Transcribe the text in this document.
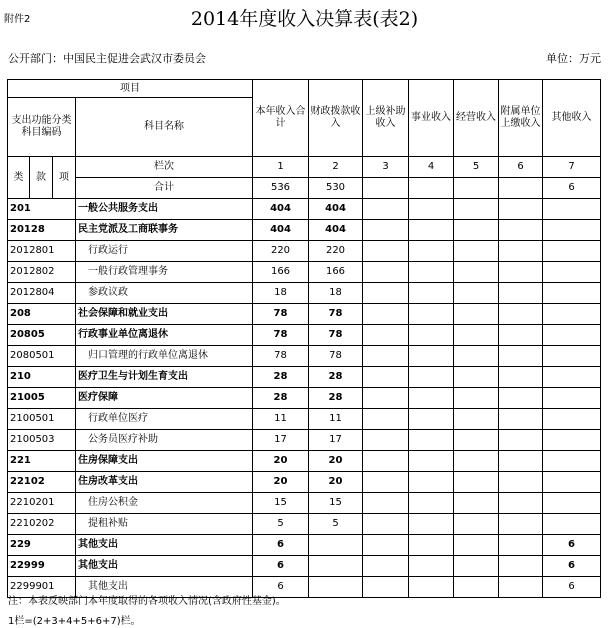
附件2	2014年度收入决算表(表2)
公开部门：中国民主促进会武汉市委员会	单位：万元
项目				本年收入合计	财政拨款收入	上级补助收入	事业收入	经营收入	附属单位上缴收入	其他收入
支出功能分类科目编码			科目名称							

类	款	项	栏次	1	2	3	4	5	6	7
			合计	536	530					6
201			一般公共服务支出	404	404					
20128			民主党派及工商联事务	404	404					
2012801			行政运行	220	220					
2012802			一般行政管理事务	166	166					
2012804			参政议政	18	18					
208			社会保障和就业支出	78	78					
20805			行政事业单位离退休	78	78					
2080501			归口管理的行政单位离退休	78	78					
210			医疗卫生与计划生育支出	28	28					
21005			医疗保障	28	28					
2100501			行政单位医疗	11	11					
2100503			公务员医疗补助	17	17					
221			住房保障支出	20	20					
22102			住房改革支出	20	20					
2210201			住房公积金	15	15					
2210202			提租补贴	5	5					
229			其他支出	6						6
22999			其他支出	6						6
2299901			其他支出	6						6
注：本表反映部门本年度取得的各项收入情况(含政府性基金)。
1栏=(2+3+4+5+6+7)栏。
